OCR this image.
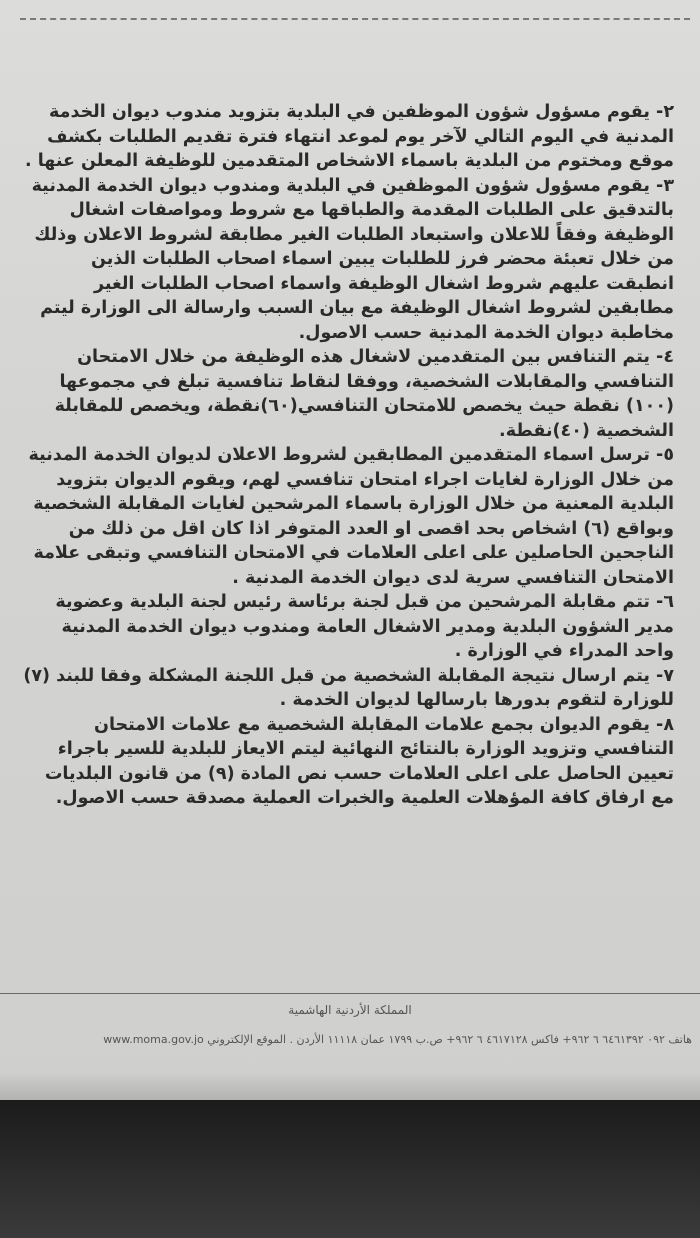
٢- يقوم مسؤول شؤون الموظفين في البلدية بتزويد مندوب ديوان الخدمة المدنية في اليوم التالي لآخر يوم لموعد انتهاء فترة تقديم الطلبات بكشف موقع ومختوم من البلدية باسماء الاشخاص المتقدمين للوظيفة المعلن عنها .

٣- يقوم مسؤول شؤون الموظفين في البلدية ومندوب ديوان الخدمة المدنية بالتدقيق على الطلبات المقدمة والطباقها مع شروط ومواصفات اشغال الوظيفة وفقاً للاعلان واستبعاد الطلبات الغير مطابقة لشروط الاعلان وذلك من خلال تعبئة محضر فرز للطلبات يبين اسماء اصحاب الطلبات الذين انطبقت عليهم شروط اشغال الوظيفة واسماء اصحاب الطلبات الغير مطابقين لشروط اشغال الوظيفة مع بيان السبب وارسالة الى الوزارة ليتم مخاطبة ديوان الخدمة المدنية حسب الاصول.

٤- يتم التنافس بين المتقدمين لاشغال هذه الوظيفة من خلال الامتحان التنافسي والمقابلات الشخصية، ووفقا لنقاط تنافسية تبلغ في مجموعها (١٠٠) نقطة حيث يخصص للامتحان التنافسي(٦٠)نقطة، ويخصص للمقابلة الشخصية (٤٠)نقطة.

٥- ترسل اسماء المتقدمين المطابقين لشروط الاعلان لديوان الخدمة المدنية من خلال الوزارة لغايات اجراء امتحان تنافسي لهم، ويقوم الديوان بتزويد البلدية المعنية من خلال الوزارة باسماء المرشحين لغايات المقابلة الشخصية وبواقع (٦) اشخاص بحد اقصى او العدد المتوفر اذا كان اقل من ذلك من الناجحين الحاصلين على اعلى العلامات في الامتحان التنافسي وتبقى علامة الامتحان التنافسي سرية لدى ديوان الخدمة المدنية .

٦- تتم مقابلة المرشحين من قبل لجنة برئاسة رئيس لجنة البلدية وعضوية مدير الشؤون البلدية ومدير الاشغال العامة ومندوب ديوان الخدمة المدنية واحد المدراء في الوزارة .

٧- يتم ارسال نتيجة المقابلة الشخصية من قبل اللجنة المشكلة وفقا للبند (٧) للوزارة لتقوم بدورها بارسالها لديوان الخدمة .

٨- يقوم الديوان بجمع علامات المقابلة الشخصية مع علامات الامتحان التنافسي وتزويد الوزارة بالنتائج النهائية ليتم الايعاز للبلدية للسير باجراء تعيين الحاصل على اعلى العلامات حسب نص المادة (٩) من قانون البلديات مع ارفاق كافة المؤهلات العلمية والخبرات العملية مصدقة حسب الاصول.

المملكة الأردنية الهاشمية
هاتف ٠٩٢ ٦٤٦١٣٩٢ ٦ ٩٦٢+ فاكس ٤٦١٧١٢٨ ٦ ٩٦٢+ ص.ب ١٧٩٩ عمان ١١١١٨ الأردن . الموقع الإلكتروني www.moma.gov.jo
